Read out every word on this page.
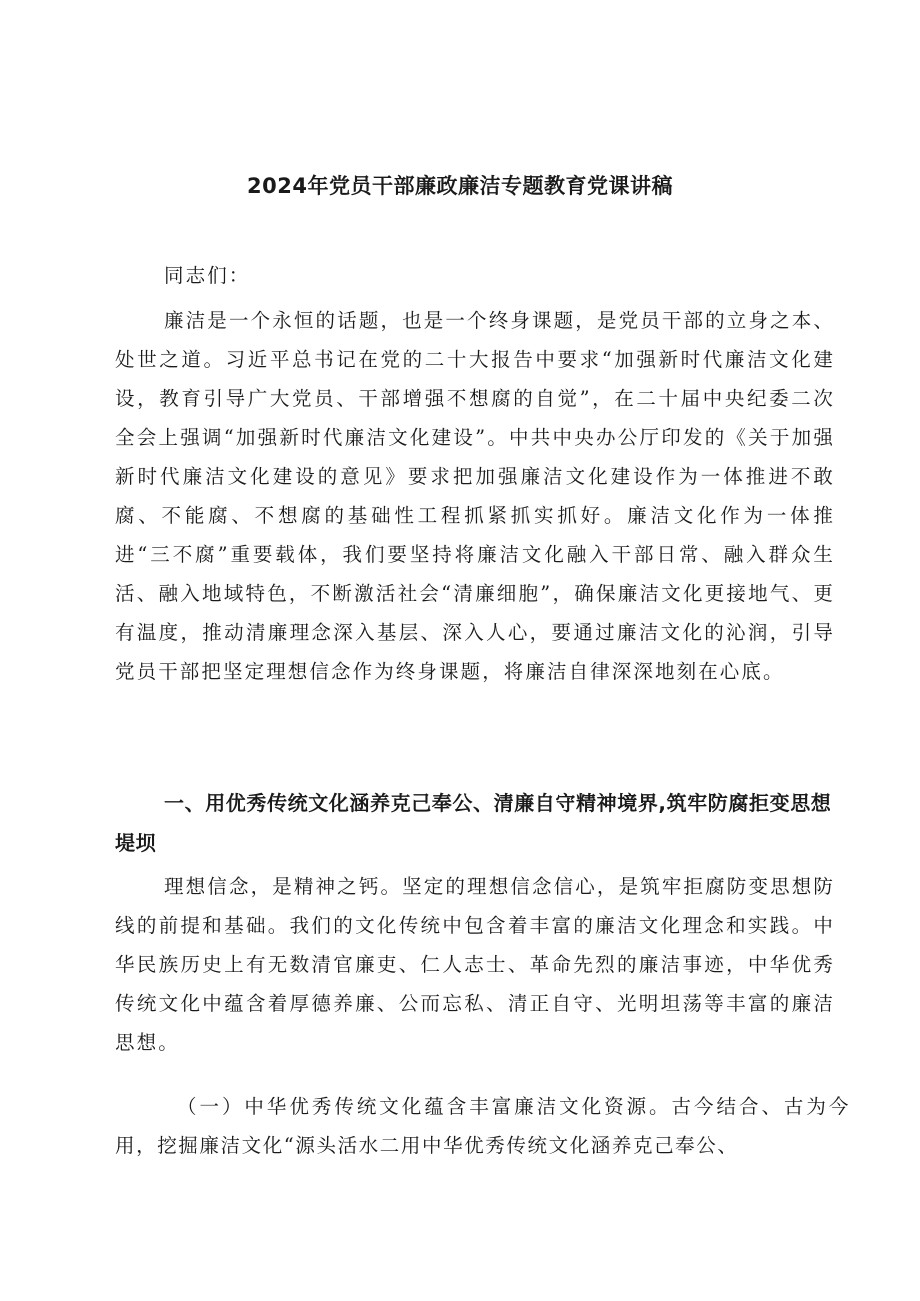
2024年党员干部廉政廉洁专题教育党课讲稿

同志们：

廉洁是一个永恒的话题，也是一个终身课题，是党员干部的立身之本、处世之道。习近平总书记在党的二十大报告中要求“加强新时代廉洁文化建设，教育引导广大党员、干部增强不想腐的自觉”，在二十届中央纪委二次全会上强调“加强新时代廉洁文化建设”。中共中央办公厅印发的《关于加强新时代廉洁文化建设的意见》要求把加强廉洁文化建设作为一体推进不敢腐、不能腐、不想腐的基础性工程抓紧抓实抓好。廉洁文化作为一体推进“三不腐”重要载体，我们要坚持将廉洁文化融入干部日常、融入群众生活、融入地域特色，不断激活社会“清廉细胞”，确保廉洁文化更接地气、更有温度，推动清廉理念深入基层、深入人心，要通过廉洁文化的沁润，引导党员干部把坚定理想信念作为终身课题，将廉洁自律深深地刻在心底。

一、用优秀传统文化涵养克己奉公、清廉自守精神境界,筑牢防腐拒变思想堤坝

理想信念，是精神之钙。坚定的理想信念信心，是筑牢拒腐防变思想防线的前提和基础。我们的文化传统中包含着丰富的廉洁文化理念和实践。中华民族历史上有无数清官廉吏、仁人志士、革命先烈的廉洁事迹，中华优秀传统文化中蕴含着厚德养廉、公而忘私、清正自守、光明坦荡等丰富的廉洁思想。

（一）中华优秀传统文化蕴含丰富廉洁文化资源。古今结合、古为今用，挖掘廉洁文化“源头活水二用中华优秀传统文化涵养克己奉公、
